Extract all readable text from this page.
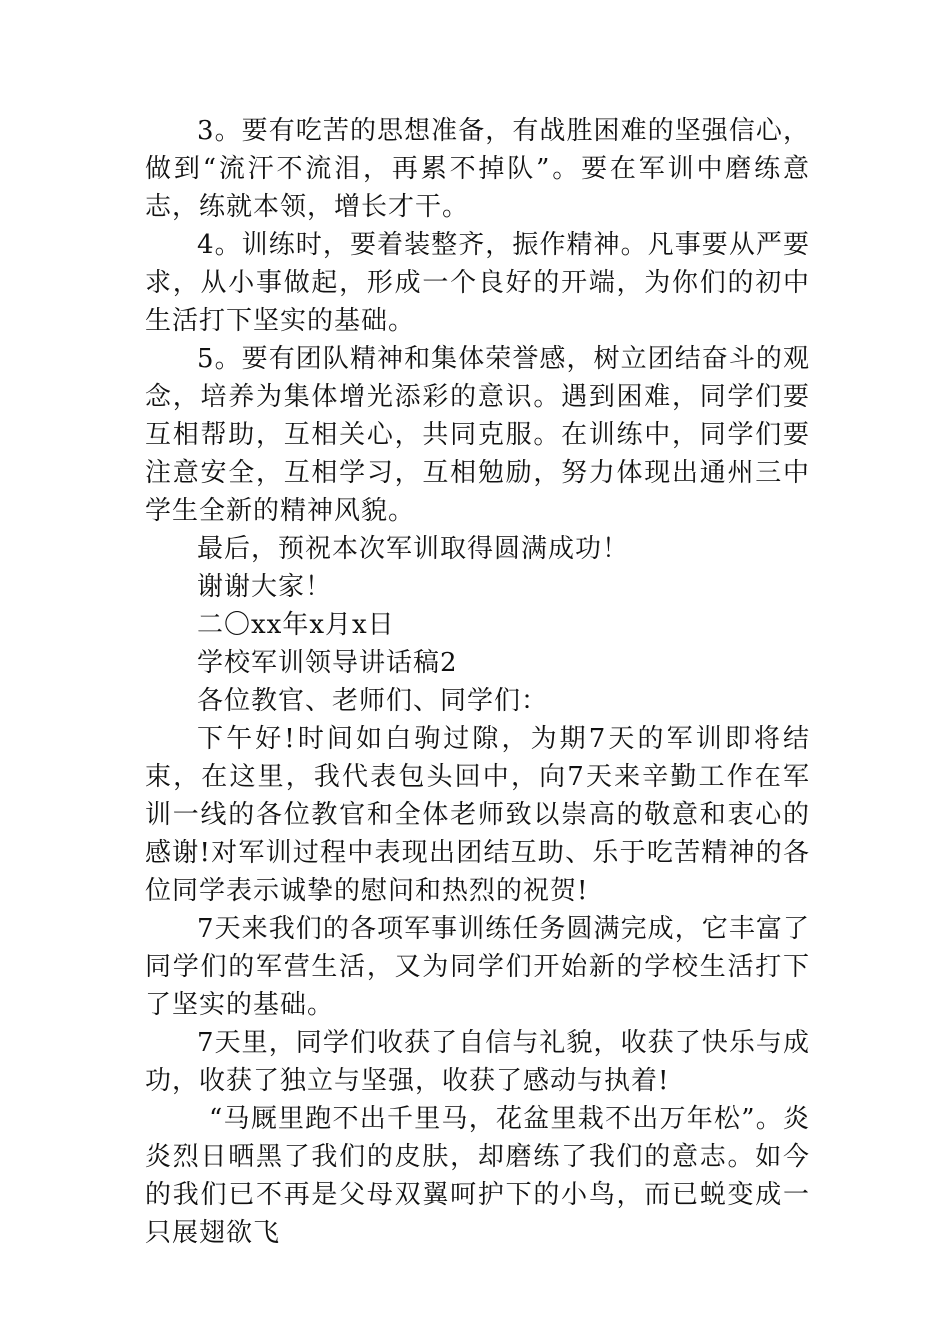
3。要有吃苦的思想准备，有战胜困难的坚强信心，做到“流汗不流泪，再累不掉队”。要在军训中磨练意志，练就本领，增长才干。

4。训练时，要着装整齐，振作精神。凡事要从严要求，从小事做起，形成一个良好的开端，为你们的初中生活打下坚实的基础。

5。要有团队精神和集体荣誉感，树立团结奋斗的观念，培养为集体增光添彩的意识。遇到困难，同学们要互相帮助，互相关心，共同克服。在训练中，同学们要注意安全，互相学习，互相勉励，努力体现出通州三中学生全新的精神风貌。

最后，预祝本次军训取得圆满成功！

谢谢大家！

二〇xx年x月x日

学校军训领导讲话稿2

各位教官、老师们、同学们：

下午好!时间如白驹过隙，为期7天的军训即将结束，在这里，我代表包头回中，向7天来辛勤工作在军训一线的各位教官和全体老师致以崇高的敬意和衷心的感谢!对军训过程中表现出团结互助、乐于吃苦精神的各位同学表示诚挚的慰问和热烈的祝贺!

7天来我们的各项军事训练任务圆满完成，它丰富了同学们的军营生活，又为同学们开始新的学校生活打下了坚实的基础。

7天里，同学们收获了自信与礼貌，收获了快乐与成功，收获了独立与坚强，收获了感动与执着!

“马厩里跑不出千里马，花盆里栽不出万年松”。炎炎烈日晒黑了我们的皮肤，却磨练了我们的意志。如今的我们已不再是父母双翼呵护下的小鸟，而已蜕变成一只展翅欲飞
